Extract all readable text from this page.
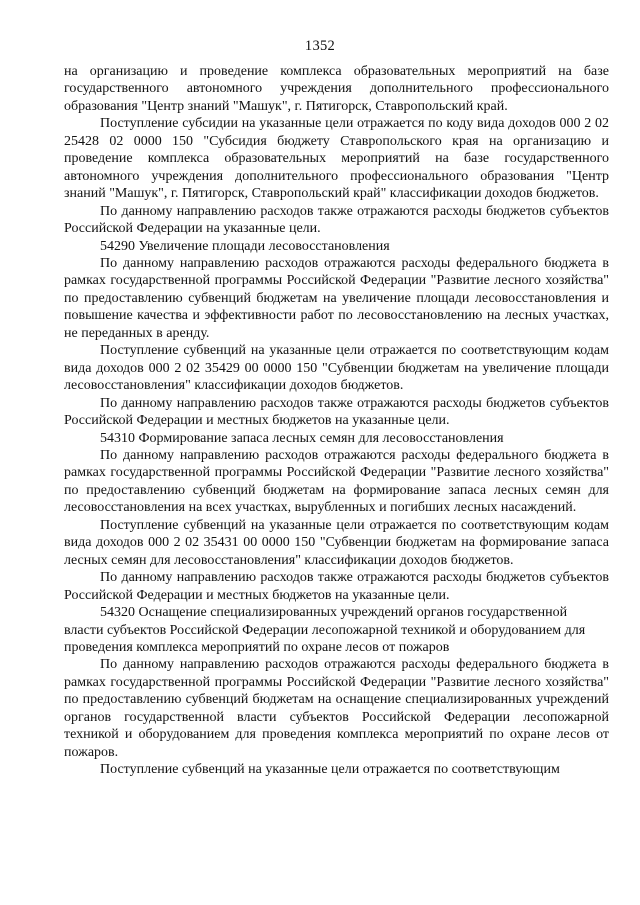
1352

на организацию и проведение комплекса образовательных мероприятий на базе государственного автономного учреждения дополнительного профессионального образования "Центр знаний "Машук", г. Пятигорск, Ставропольский край.

Поступление субсидии на указанные цели отражается по коду вида доходов 000 2 02 25428 02 0000 150 "Субсидия бюджету Ставропольского края на организацию и проведение комплекса образовательных мероприятий на базе государственного автономного учреждения дополнительного профессионального образования "Центр знаний "Машук", г. Пятигорск, Ставропольский край" классификации доходов бюджетов.

По данному направлению расходов также отражаются расходы бюджетов субъектов Российской Федерации на указанные цели.

54290 Увеличение площади лесовосстановления

По данному направлению расходов отражаются расходы федерального бюджета в рамках государственной программы Российской Федерации "Развитие лесного хозяйства" по предоставлению субвенций бюджетам на увеличение площади лесовосстановления и повышение качества и эффективности работ по лесовосстановлению на лесных участках, не переданных в аренду.

Поступление субвенций на указанные цели отражается по соответствующим кодам вида доходов 000 2 02 35429 00 0000 150 "Субвенции бюджетам на увеличение площади лесовосстановления" классификации доходов бюджетов.

По данному направлению расходов также отражаются расходы бюджетов субъектов Российской Федерации и местных бюджетов на указанные цели.

54310 Формирование запаса лесных семян для лесовосстановления

По данному направлению расходов отражаются расходы федерального бюджета в рамках государственной программы Российской Федерации "Развитие лесного хозяйства" по предоставлению субвенций бюджетам на формирование запаса лесных семян для лесовосстановления на всех участках, вырубленных и погибших лесных насаждений.

Поступление субвенций на указанные цели отражается по соответствующим кодам вида доходов 000 2 02 35431 00 0000 150 "Субвенции бюджетам на формирование запаса лесных семян для лесовосстановления" классификации доходов бюджетов.

По данному направлению расходов также отражаются расходы бюджетов субъектов Российской Федерации и местных бюджетов на указанные цели.

54320 Оснащение специализированных учреждений органов государственной власти субъектов Российской Федерации лесопожарной техникой и оборудованием для проведения комплекса мероприятий по охране лесов от пожаров

По данному направлению расходов отражаются расходы федерального бюджета в рамках государственной программы Российской Федерации "Развитие лесного хозяйства" по предоставлению субвенций бюджетам на оснащение специализированных учреждений органов государственной власти субъектов Российской Федерации лесопожарной техникой и оборудованием для проведения комплекса мероприятий по охране лесов от пожаров.

Поступление субвенций на указанные цели отражается по соответствующим
